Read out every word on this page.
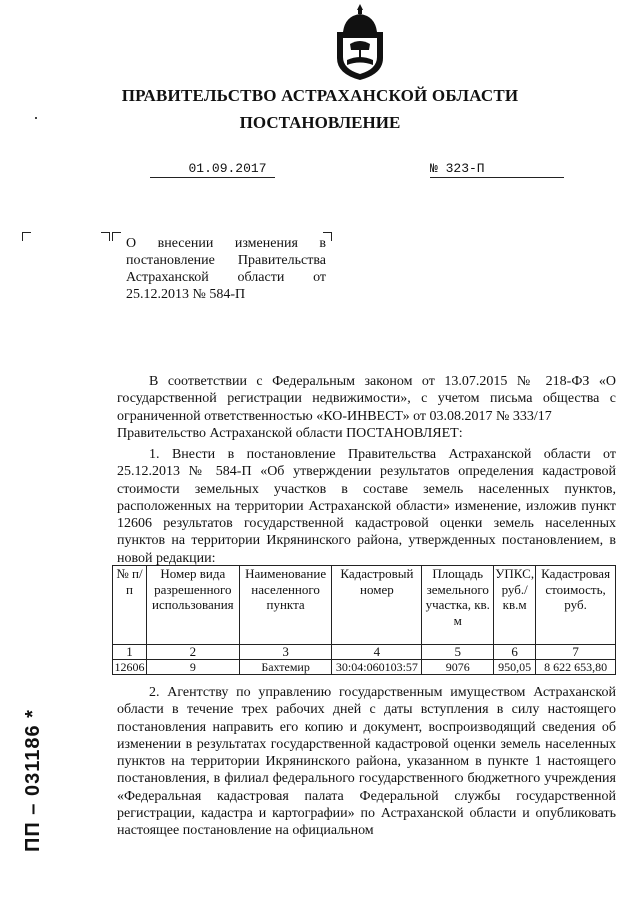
ПРАВИТЕЛЬСТВО АСТРАХАНСКОЙ ОБЛАСТИ
ПОСТАНОВЛЕНИЕ
01.09.2017	№ 323-П
О внесении изменения в постановление Правительства Астраханской области от 25.12.2013 № 584-П
В соответствии с Федеральным законом от 13.07.2015 № 218-ФЗ «О государственной регистрации недвижимости», с учетом письма общества с ограниченной ответственностью «КО-ИНВЕСТ» от 03.08.2017 № 333/17
Правительство Астраханской области ПОСТАНОВЛЯЕТ:
1. Внести в постановление Правительства Астраханской области от 25.12.2013 № 584-П «Об утверждении результатов определения кадастровой стоимости земельных участков в составе земель населенных пунктов, расположенных на территории Астраханской области» изменение, изложив пункт 12606 результатов государственной кадастровой оценки земель населенных пунктов на территории Икрянинского района, утвержденных постановлением, в новой редакции:
№ п/п	Номер вида разрешенного использования	Наименование населенного пункта	Кадастровый номер	Площадь земельного участка, кв. м	УПКС, руб./кв.м	Кадастровая стоимость, руб.
1	2	3	4	5	6	7
12606	9	Бахтемир	30:04:060103:57	9076	950,05	8 622 653,80
2. Агентству по управлению государственным имуществом Астраханской области в течение трех рабочих дней с даты вступления в силу настоящего постановления направить его копию и документ, воспроизводящий сведения об изменении в результатах государственной кадастровой оценки земель населенных пунктов на территории Икрянинского района, указанном в пункте 1 настоящего постановления, в филиал федерального государственного бюджетного учреждения «Федеральная кадастровая палата Федеральной службы государственной регистрации, кадастра и картографии» по Астраханской области и опубликовать настоящее постановление на официальном
ПП – 031186 *
